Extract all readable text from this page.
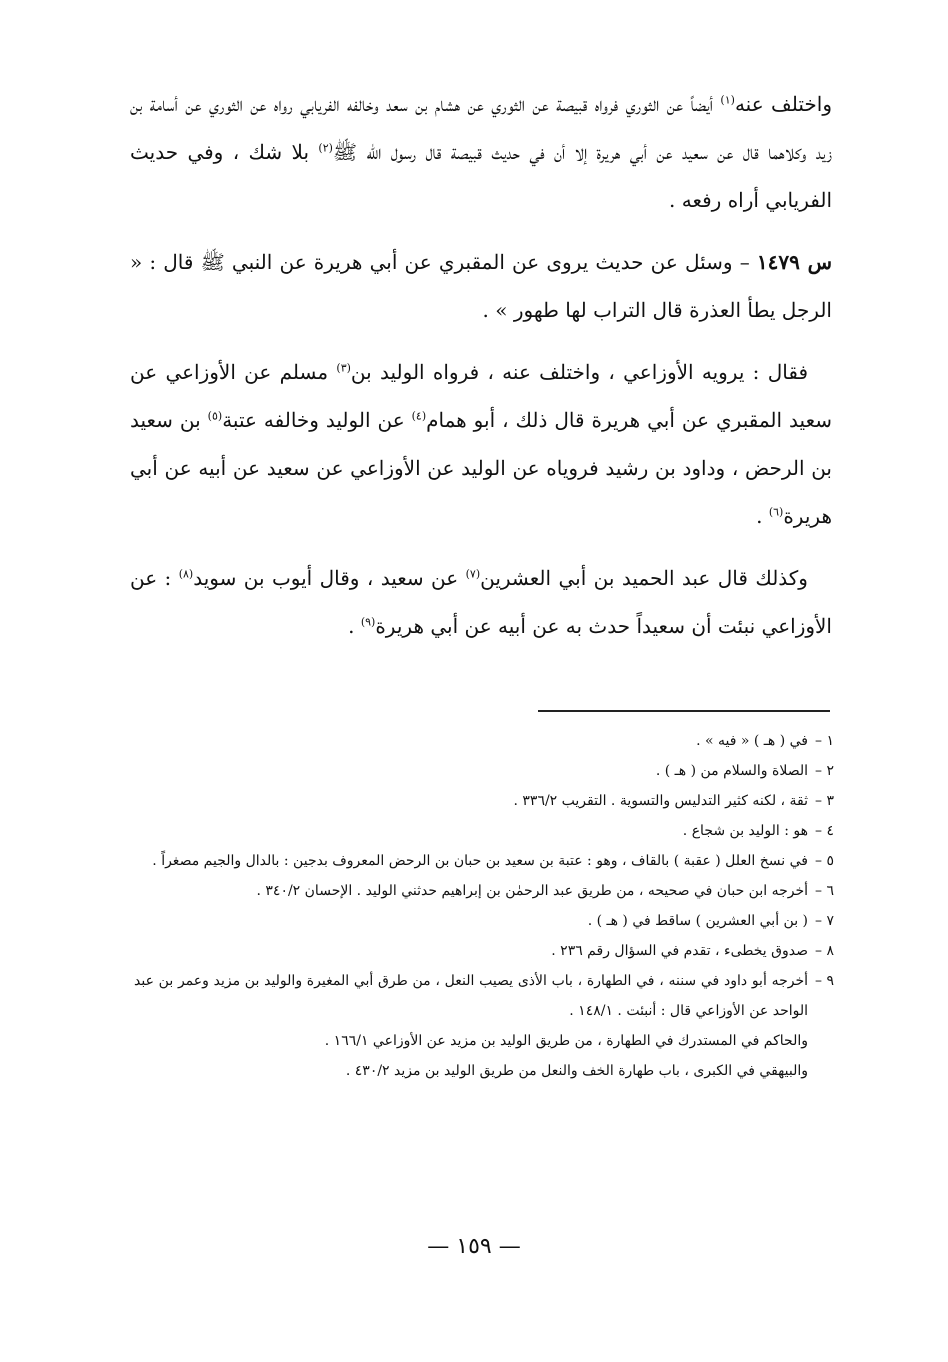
واختلف عنه$^{(١)}$ أيضاً عن الثوري فرواه قبيصة عن الثوري عن هشام بن سعد وخالفه الفريابي رواه عن الثوري عن أسامة بن زيد وكلاهما قال عن سعيد عن أبي هريرة إلا أن في حديث قبيصة قال رسول الله ﷺ$^{(٢)}$ بلا شك ، وفي حديث الفريابي أراه رفعه .

س ١٤٧٩ – وسئل عن حديث يروى عن المقبري عن أبي هريرة عن النبي ﷺ قال : « الرجل يطأ العذرة قال التراب لها طهور » .

فقال : يرويه الأوزاعي ، واختلف عنه ، فرواه الوليد بن$^{(٣)}$ مسلم عن الأوزاعي عن سعيد المقبري عن أبي هريرة قال ذلك ، أبو همام$^{(٤)}$ عن الوليد وخالفه عتبة$^{(٥)}$ بن سعيد بن الرحض ، وداود بن رشيد فروياه عن الوليد عن الأوزاعي عن سعيد عن أبيه عن أبي هريرة$^{(٦)}$ .

وكذلك قال عبد الحميد بن أبي العشرين$^{(٧)}$ عن سعيد ، وقال أيوب بن سويد$^{(٨)}$ : عن الأوزاعي نبئت أن سعيداً حدث به عن أبيه عن أبي هريرة$^{(٩)}$ .

١ –
في ( هـ ) « فيه » .
٢ –
الصلاة والسلام من ( هـ ) .
٣ –
ثقة ، لكنه كثير التدليس والتسوية . التقريب ٣٣٦/٢ .
٤ –
هو : الوليد بن شجاع .
٥ –
في نسخ العلل ( عقبة ) بالقاف ، وهو : عتبة بن سعيد بن حبان بن الرحض المعروف بدجين : بالدال والجيم مصغراً .
٦ –
أخرجه ابن حبان في صحيحه ، من طريق عبد الرحمٰن بن إبراهيم حدثني الوليد . الإحسان ٣٤٠/٢ .
٧ –
( بن أبي العشرين ) ساقط في ( هـ ) .
٨ –
صدوق يخطىء ، تقدم في السؤال رقم ٢٣٦ .
٩ –
أخرجه أبو داود في سننه ، في الطهارة ، باب الأذى يصيب النعل ، من طرق أبي المغيرة والوليد بن مزيد وعمر بن عبد الواحد عن الأوزاعي قال : أنبئت . ١٤٨/١ .
والحاكم في المستدرك في الطهارة ، من طريق الوليد بن مزيد عن الأوزاعي ١٦٦/١ .
والبيهقي في الكبرى ، باب طهارة الخف والنعل من طريق الوليد بن مزيد ٤٣٠/٢ .
— ١٥٩ —
